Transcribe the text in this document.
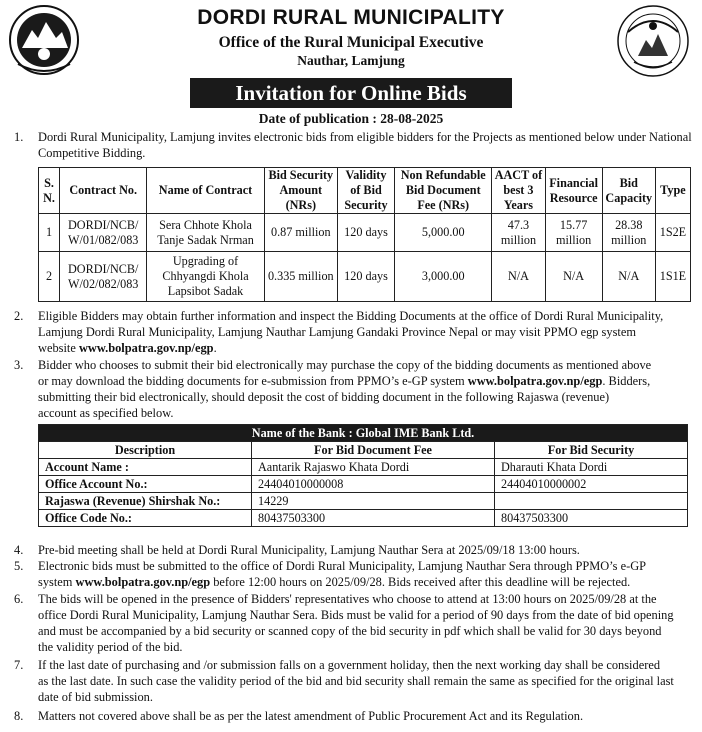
DORDI RURAL MUNICIPALITY
Office of the Rural Municipal Executive
Nauthar, Lamjung
Invitation for Online Bids
Date of publication : 28-08-2025
1. Dordi Rural Municipality, Lamjung invites electronic bids from eligible bidders for the Projects as mentioned below under National Competitive Bidding.
S. N.	Contract No.	Name of Contract	Bid Security Amount (NRs)	Validity of Bid Security	Non Refundable Bid Document Fee (NRs)	AACT of best 3 Years	Financial Resource	Bid Capacity	Type
1	DORDI/NCB/ W/01/082/083	Sera Chhote Khola Tanje Sadak Nrman	0.87 million	120 days	5,000.00	47.3 million	15.77 million	28.38 million	1S2E
2	DORDI/NCB/ W/02/082/083	Upgrading of Chhyangdi Khola Lapsibot Sadak	0.335 million	120 days	3,000.00	N/A	N/A	N/A	1S1E
2. Eligible Bidders may obtain further information and inspect the Bidding Documents at the office of Dordi Rural Municipality,
Lamjung Dordi Rural Municipality, Lamjung Nauthar Lamjung Gandaki Province Nepal or may visit PPMO egp system
website www.bolpatra.gov.np/egp.
3. Bidder who chooses to submit their bid electronically may purchase the copy of the bidding documents as mentioned above
or may download the bidding documents for e-submission from PPMO’s e-GP system www.bolpatra.gov.np/egp. Bidders,
submitting their bid electronically, should deposit the cost of bidding document in the following Rajaswa (revenue)
account as specified below.
Name of the Bank : Global IME Bank Ltd.		
Description	For Bid Document Fee	For Bid Security
Account Name :	Aantarik Rajaswo Khata Dordi	Dharauti Khata Dordi
Office Account No.:	24404010000008	24404010000002
Rajaswa (Revenue) Shirshak No.:	14229	
Office Code No.:	80437503300	80437503300
4. Pre-bid meeting shall be held at Dordi Rural Municipality, Lamjung Nauthar Sera at 2025/09/18 13:00 hours.
5. Electronic bids must be submitted to the office of Dordi Rural Municipality, Lamjung Nauthar Sera through PPMO’s e-GP
system www.bolpatra.gov.np/egp before 12:00 hours on 2025/09/28. Bids received after this deadline will be rejected.
6. The bids will be opened in the presence of Bidders' representatives who choose to attend at 13:00 hours on 2025/09/28 at the
office Dordi Rural Municipality, Lamjung Nauthar Sera. Bids must be valid for a period of 90 days from the date of bid opening
and must be accompanied by a bid security or scanned copy of the bid security in pdf which shall be valid for 30 days beyond
the validity period of the bid.
7. If the last date of purchasing and /or submission falls on a government holiday, then the next working day shall be considered
as the last date. In such case the validity period of the bid and bid security shall remain the same as specified for the original last
date of bid submission.
8. Matters not covered above shall be as per the latest amendment of Public Procurement Act and its Regulation.
